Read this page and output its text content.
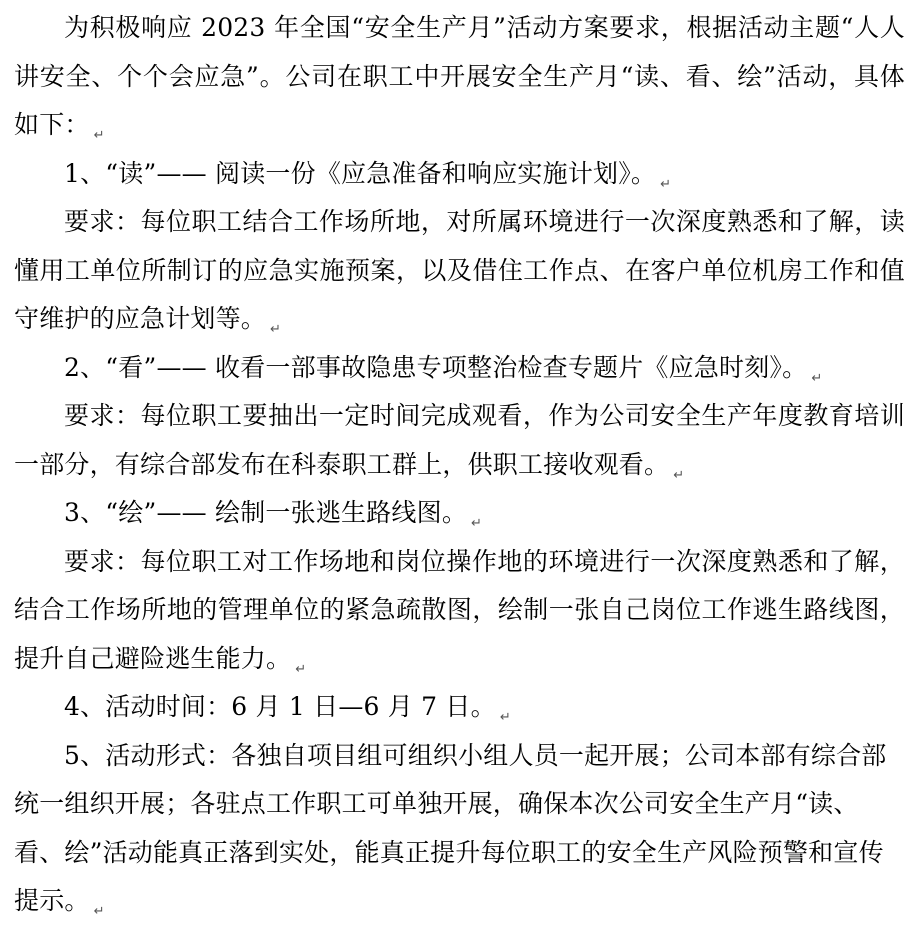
为积极响应 2023 年全国“安全生产月”活动方案要求，根据活动主题“人人讲安全、个个会应急”。公司在职工中开展安全生产月“读、看、绘”活动，具体如下： ↵

1、“读”—— 阅读一份《应急准备和响应实施计划》。 ↵

要求：每位职工结合工作场所地，对所属环境进行一次深度熟悉和了解，读懂用工单位所制订的应急实施预案，以及借住工作点、在客户单位机房工作和值守维护的应急计划等。 ↵

2、“看”—— 收看一部事故隐患专项整治检查专题片《应急时刻》。 ↵

要求：每位职工要抽出一定时间完成观看，作为公司安全生产年度教育培训一部分，有综合部发布在科泰职工群上，供职工接收观看。 ↵

3、“绘”—— 绘制一张逃生路线图。 ↵

要求：每位职工对工作场地和岗位操作地的环境进行一次深度熟悉和了解，结合工作场所地的管理单位的紧急疏散图，绘制一张自己岗位工作逃生路线图，提升自己避险逃生能力。 ↵

4、活动时间：6 月 1 日—6 月 7 日。 ↵

5、活动形式：各独自项目组可组织小组人员一起开展；公司本部有综合部统一组织开展；各驻点工作职工可单独开展，确保本次公司安全生产月“读、看、绘”活动能真正落到实处，能真正提升每位职工的安全生产风险预警和宣传提示。 ↵
